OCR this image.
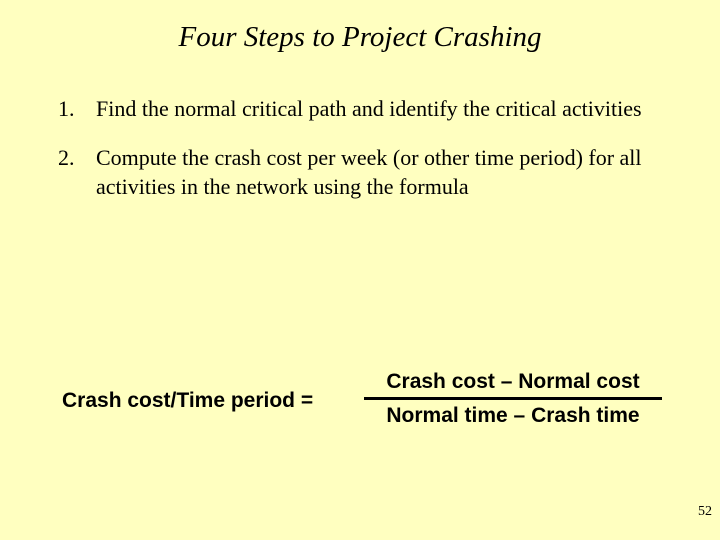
Four Steps to Project Crashing
1. Find the normal critical path and identify the critical activities
2. Compute the crash cost per week (or other time period) for all activities in the network using the formula
Crash cost/Time period =
Crash cost – Normal cost
Normal time – Crash time
52
